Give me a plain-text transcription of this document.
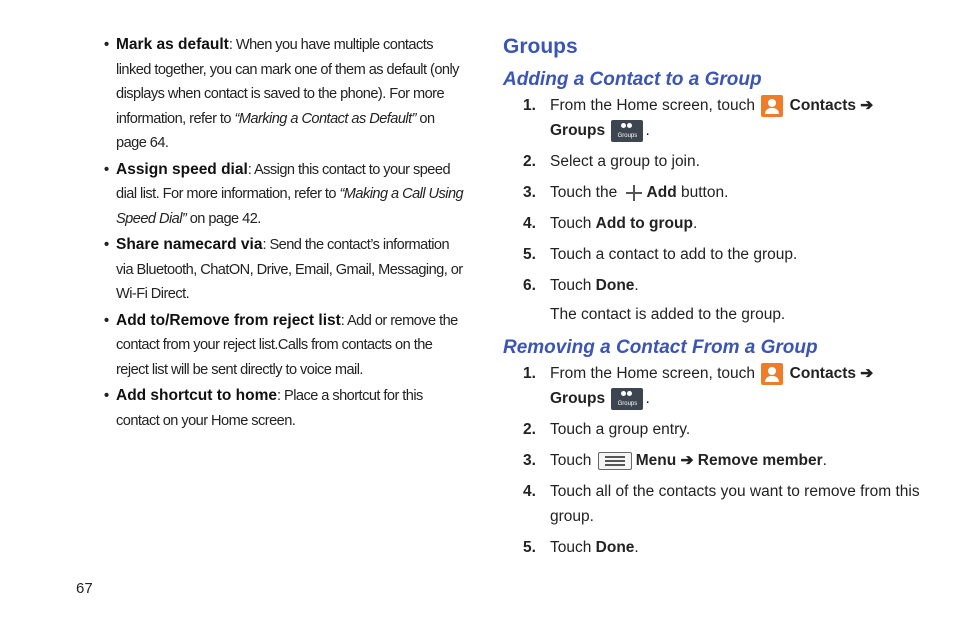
• Mark as default: When you have multiple contacts linked together, you can mark one of them as default (only displays when contact is saved to the phone). For more information, refer to “Marking a Contact as Default” on page 64.
• Assign speed dial: Assign this contact to your speed dial list. For more information, refer to “Making a Call Using Speed Dial” on page 42.
• Share namecard via: Send the contact’s information via Bluetooth, ChatON, Drive, Email, Gmail, Messaging, or Wi-Fi Direct.
• Add to/Remove from reject list: Add or remove the contact from your reject list.Calls from contacts on the reject list will be sent directly to voice mail.
• Add shortcut to home: Place a shortcut for this contact on your Home screen.
Groups
Adding a Contact to a Group
1. From the Home screen, touch Contacts ➔
Groups	Groups .
2. Select a group to join.
3. Touch the Add button.
4. Touch Add to group.
5. Touch a contact to add to the group.
6. Touch Done.
The contact is added to the group.
Removing a Contact From a Group
1. From the Home screen, touch Contacts ➔
Groups	Groups .
2. Touch a group entry.
3. Touch	Menu ➔ Remove member.
4. Touch all of the contacts you want to remove from this group.
5. Touch Done.
67
